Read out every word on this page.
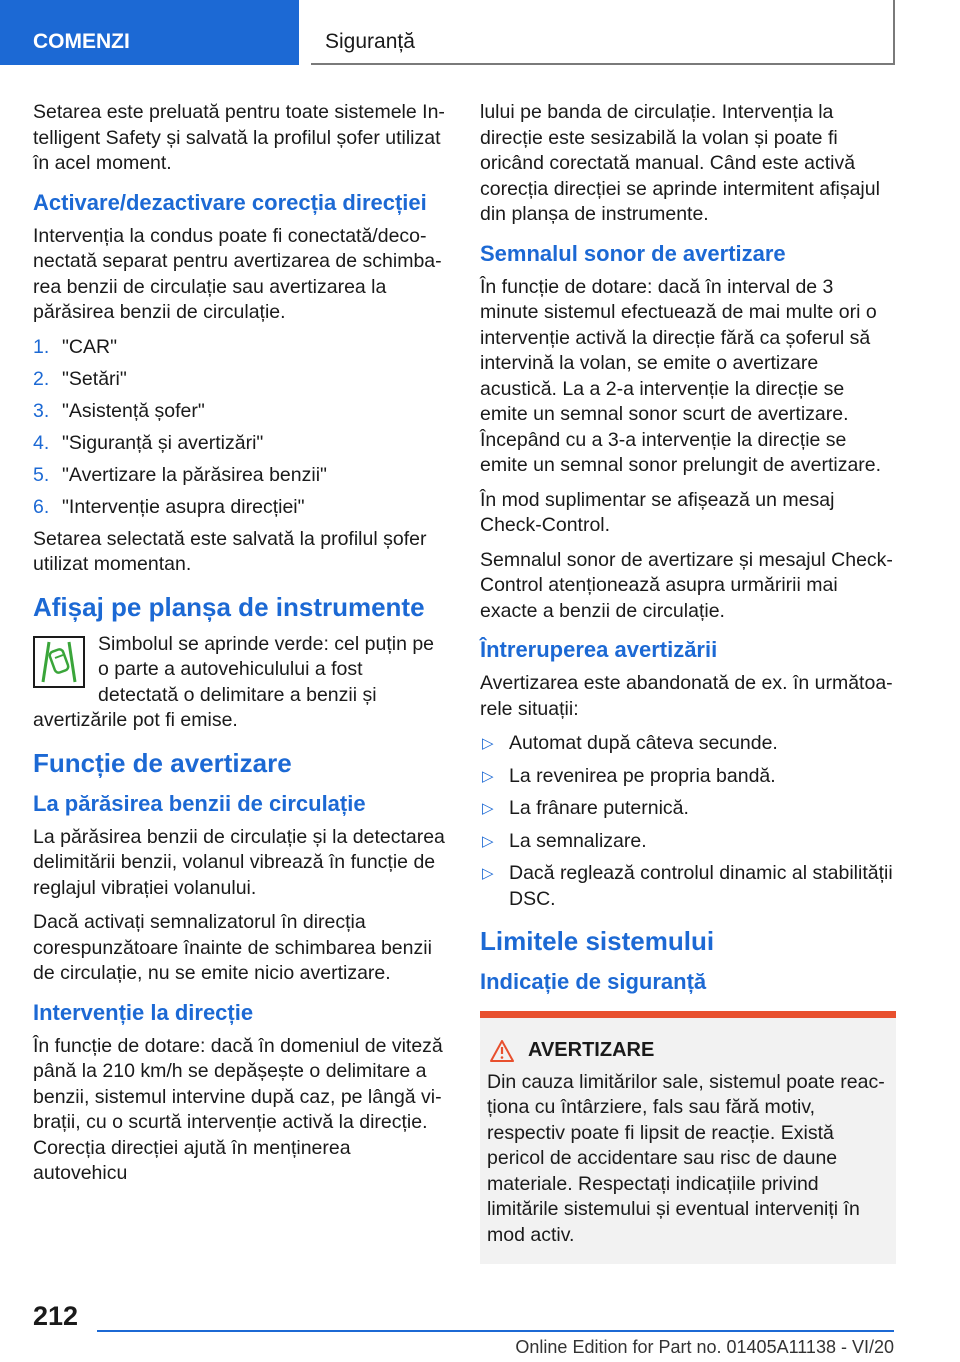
COMENZI	Siguranță

Setarea este preluată pentru toate sistemele Intelligent Safety și salvată la profilul șofer utilizat în acel moment.

Activare/dezactivare corecția direcției

Intervenția la condus poate fi conectată/deconectată separat pentru avertizarea de schimbarea benzii de circulație sau avertizarea la părăsirea benzii de circulație.

1. "CAR"
2. "Setări"
3. "Asistență șofer"
4. "Siguranță și avertizări"
5. "Avertizare la părăsirea benzii"
6. "Intervenție asupra direcției"

Setarea selectată este salvată la profilul șofer utilizat momentan.

Afișaj pe planșa de instrumente
Simbolul se aprinde verde: cel puțin pe o parte a autovehiculului a fost detectată o delimitare a benzii și avertizările pot fi emise.
Funcție de avertizare
La părăsirea benzii de circulație

La părăsirea benzii de circulație și la detectarea delimitării benzii, volanul vibrează în funcție de reglajul vibrației volanului.

Dacă activați semnalizatorul în direcția corespunzătoare înainte de schimbarea benzii de circulație, nu se emite nicio avertizare.

Intervenție la direcție

În funcție de dotare: dacă în domeniul de viteză până la 210 km/h se depășește o delimitare a benzii, sistemul intervine după caz, pe lângă vibrații, cu o scurtă intervenție activă la direcție. Corecția direcției ajută în menținerea autovehicu

lului pe banda de circulație. Intervenția la direcție este sesizabilă la volan și poate fi oricând corectată manual. Când este activă corecția direcției se aprinde intermitent afișajul din planșa de instrumente.

Semnalul sonor de avertizare

În funcție de dotare: dacă în interval de 3 minute sistemul efectuează de mai multe ori o intervenție activă la direcție fără ca șoferul să intervină la volan, se emite o avertizare acustică. La a 2-a intervenție la direcție se emite un semnal sonor scurt de avertizare. Începând cu a 3-a intervenție la direcție se emite un semnal sonor prelungit de avertizare.

În mod suplimentar se afișează un mesaj Check-Control.

Semnalul sonor de avertizare și mesajul Check-Control atenționează asupra urmăririi mai exacte a benzii de circulație.

Întreruperea avertizării

Avertizarea este abandonată de ex. în următoarele situații:

▷ Automat după câteva secunde.
▷ La revenirea pe propria bandă.
▷ La frânare puternică.
▷ La semnalizare.
▷ Dacă reglează controlul dinamic al stabilității DSC.
Limitele sistemului
Indicație de siguranță
AVERTIZARE
Din cauza limitărilor sale, sistemul poate reacționa cu întârziere, fals sau fără motiv, respectiv poate fi lipsit de reacție. Există pericol de accidentare sau risc de daune materiale. Respectați indicațiile privind limitările sistemului și eventual interveniți în mod activ.
212
Online Edition for Part no. 01405A11138 - VI/20
